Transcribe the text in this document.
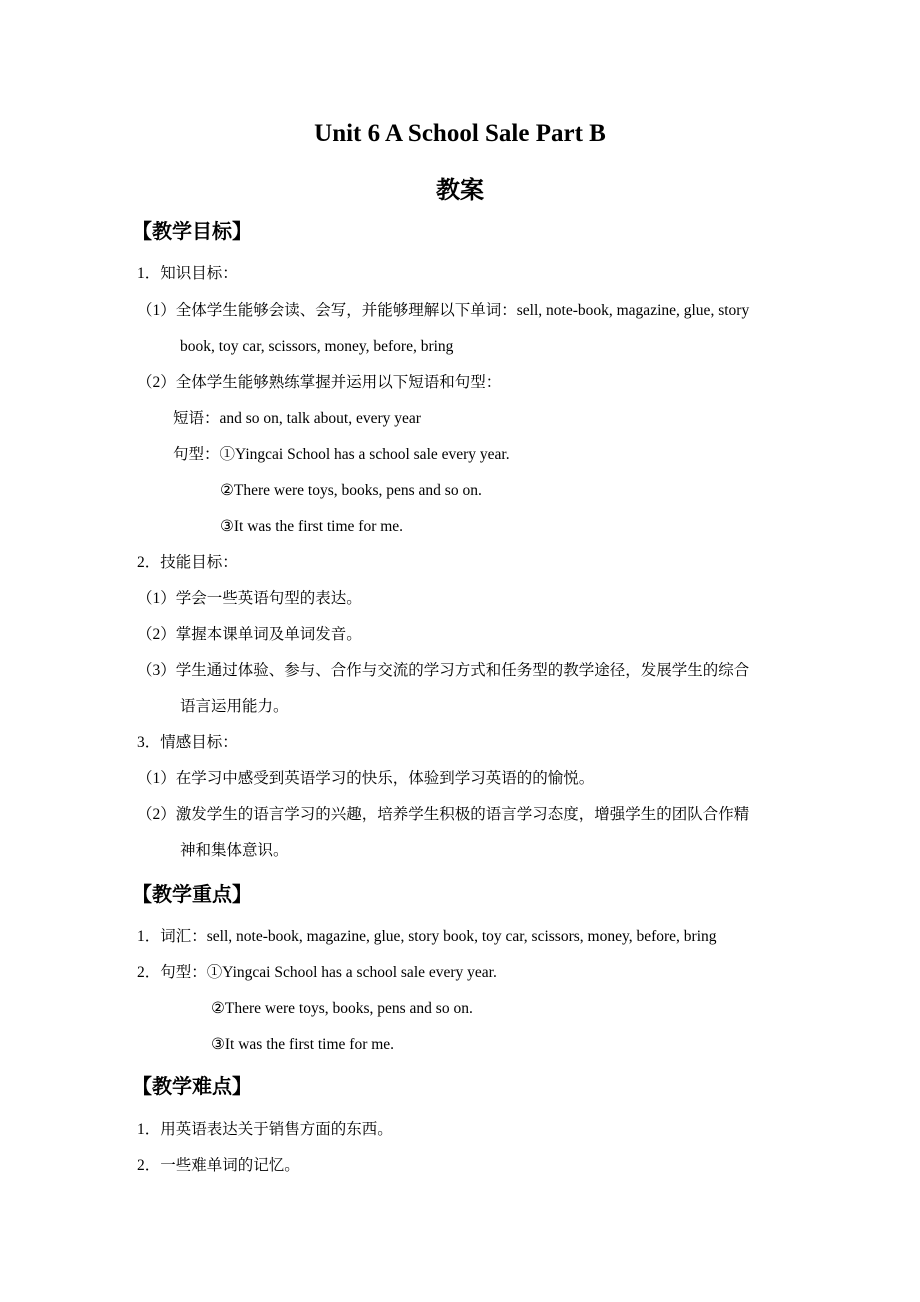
Unit 6 A School Sale Part B
教案
【教学目标】
1．知识目标：
（1）全体学生能够会读、会写，并能够理解以下单词：sell, note-book, magazine, glue, story
book, toy car, scissors, money, before, bring
（2）全体学生能够熟练掌握并运用以下短语和句型：
短语：and so on, talk about, every year
句型：①Yingcai School has a school sale every year.
②There were toys, books, pens and so on.
③It was the first time for me.
2．技能目标：
（1）学会一些英语句型的表达。
（2）掌握本课单词及单词发音。
（3）学生通过体验、参与、合作与交流的学习方式和任务型的教学途径，发展学生的综合
语言运用能力。
3．情感目标：
（1）在学习中感受到英语学习的快乐，体验到学习英语的的愉悦。
（2）激发学生的语言学习的兴趣，培养学生积极的语言学习态度，增强学生的团队合作精
神和集体意识。
【教学重点】
1．词汇：sell, note-book, magazine, glue, story book, toy car, scissors, money, before, bring
2．句型：①Yingcai School has a school sale every year.
②There were toys, books, pens and so on.
③It was the first time for me.
【教学难点】
1．用英语表达关于销售方面的东西。
2．一些难单词的记忆。
